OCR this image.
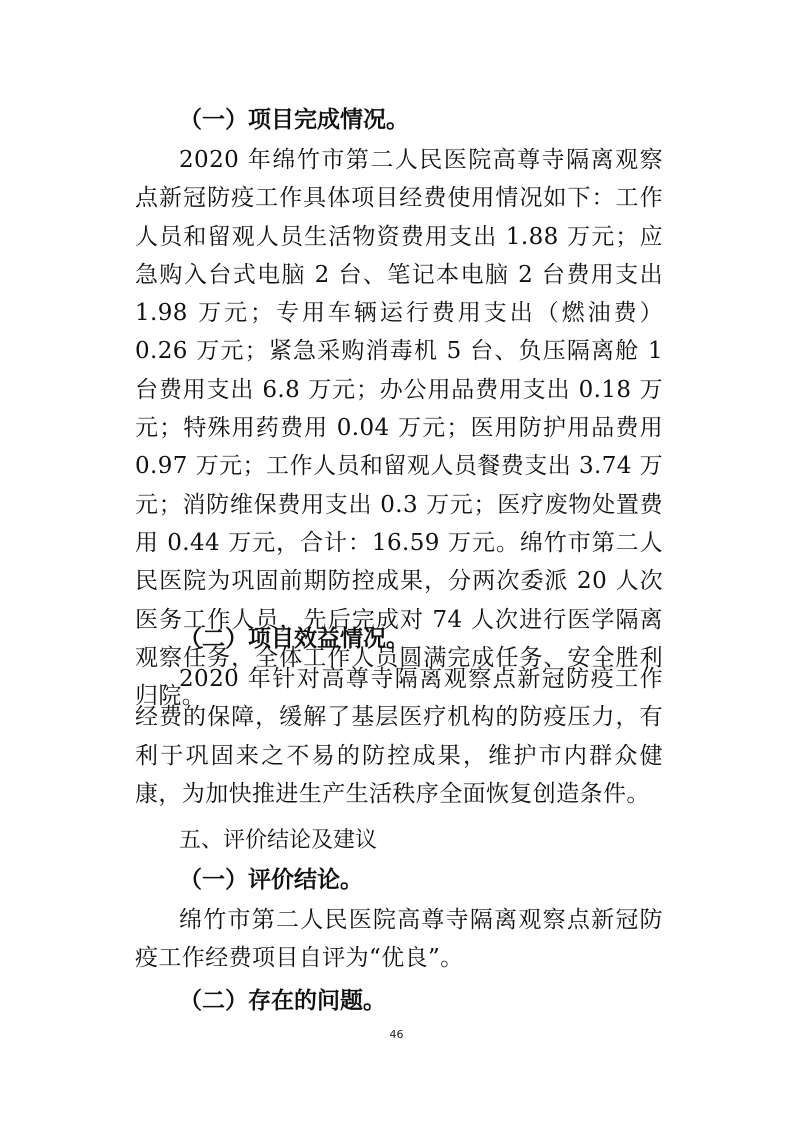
（一）项目完成情况。
2020 年绵竹市第二人民医院高尊寺隔离观察点新冠防疫工作具体项目经费使用情况如下：工作人员和留观人员生活物资费用支出 1.88 万元；应急购入台式电脑 2 台、笔记本电脑 2 台费用支出 1.98 万元；专用车辆运行费用支出（燃油费）0.26 万元；紧急采购消毒机 5 台、负压隔离舱 1 台费用支出 6.8 万元；办公用品费用支出 0.18 万元；特殊用药费用 0.04 万元；医用防护用品费用 0.97 万元；工作人员和留观人员餐费支出 3.74 万元；消防维保费用支出 0.3 万元；医疗废物处置费用 0.44 万元，合计：16.59 万元。绵竹市第二人民医院为巩固前期防控成果，分两次委派 20 人次医务工作人员，先后完成对 74 人次进行医学隔离观察任务，全体工作人员圆满完成任务、安全胜利归院。
（二）项目效益情况。
2020 年针对高尊寺隔离观察点新冠防疫工作经费的保障，缓解了基层医疗机构的防疫压力，有利于巩固来之不易的防控成果，维护市内群众健康，为加快推进生产生活秩序全面恢复创造条件。
五、评价结论及建议
（一）评价结论。
绵竹市第二人民医院高尊寺隔离观察点新冠防疫工作经费项目自评为“优良”。
（二）存在的问题。
46
